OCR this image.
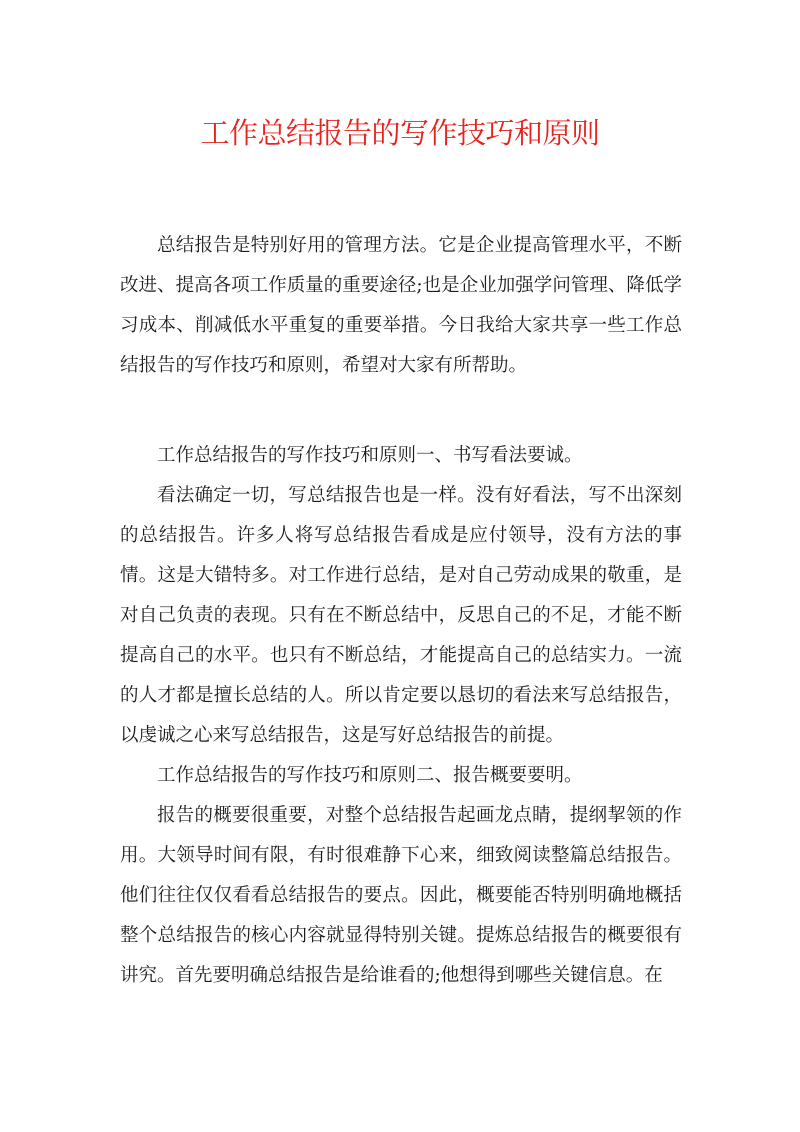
工作总结报告的写作技巧和原则

总结报告是特别好用的管理方法。它是企业提高管理水平，不断改进、提高各项工作质量的重要途径;也是企业加强学问管理、降低学习成本、削减低水平重复的重要举措。今日我给大家共享一些工作总结报告的写作技巧和原则，希望对大家有所帮助。

工作总结报告的写作技巧和原则一、书写看法要诚。

看法确定一切，写总结报告也是一样。没有好看法，写不出深刻的总结报告。许多人将写总结报告看成是应付领导，没有方法的事情。这是大错特多。对工作进行总结，是对自己劳动成果的敬重，是对自己负责的表现。只有在不断总结中，反思自己的不足，才能不断提高自己的水平。也只有不断总结，才能提高自己的总结实力。一流的人才都是擅长总结的人。所以肯定要以恳切的看法来写总结报告，以虔诚之心来写总结报告，这是写好总结报告的前提。

工作总结报告的写作技巧和原则二、报告概要要明。

报告的概要很重要，对整个总结报告起画龙点睛，提纲挈领的作用。大领导时间有限，有时很难静下心来，细致阅读整篇总结报告。他们往往仅仅看看总结报告的要点。因此，概要能否特别明确地概括整个总结报告的核心内容就显得特别关键。提炼总结报告的概要很有讲究。首先要明确总结报告是给谁看的;他想得到哪些关键信息。在
